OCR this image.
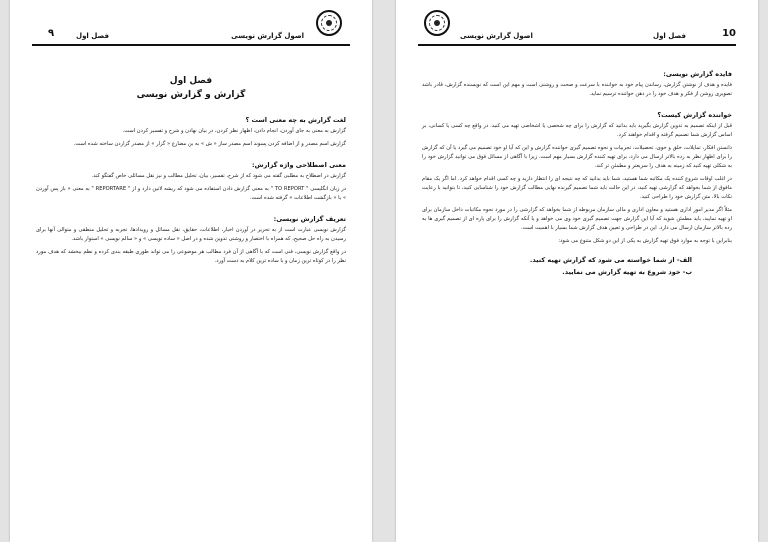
۹	فصل اول	اصول گزارش نویسی

فصل اول

گزارش و گزارش نویسی

لغت گزارش به چه معنی است ؟

گزارش به معنی به جای آوردن، انجام دادن، اظهار نظر کردن، در بیان نهادن و شرح و تفسیر کردن است.

گزارش اسم مصدر و از اضافه کردن پسوند اسم مصدر ساز « ش » به بن مضارع « گزار » از مصدر گزاردن ساخته شده است.

معنی اصطلاحی واژه گزارش:

گزارش در اصطلاح به مطلبی گفته می شود که از شرح، تفسیر، بیان، تحلیل مطالب و نیز نقل مسائلی خاص گفتگو کند.

در زبان انگلیسی " TO REPORT " به معنی گزارش دادن استفاده می شود که ریشه لاتین دارد و از " REPORTARE " به معنی « باز پس آوردن » یا « بازگشت اطلاعات » گرفته شده است.

تعریف گزارش نویسی:

گزارش نویسی عبارت است از به تحریر در آوردن اخبار، اطلاعات، حقایق، نقل مسائل و رویدادها، تجربه و تحلیل منطقی و متوالی آنها برای رسیدن به راه حل صحیح، که همراه با اختصار و روشنی تدوین شده و در اصل « ساده نویسی » و « سالم نویسی » استوار باشد.

در واقع گزارش نویسی، فنی است که با آگاهی از آن فرد مطالب هر موضوعی را می تواند طوری طبقه بندی کرده و نظم ببخشد که هدف مورد نظر را در کوتاه ترین زمان و با ساده ترین کلام به دست آورد.

10
فصل اول
اصول گزارش نویسی

فایده گزارش نویسی:

فایده و هدف از نوشتن گزارش، رساندن پیام خود به خواننده با سرعت و صحت و روشنی است و مهم این است که نویسنده گزارش، قادر باشد تصویری روشن از فکر و هدف خود را در ذهن خواننده ترسیم نماید.

خواننده گزارش کیست؟

قبل از اینکه تصمیم به تدوین گزارش بگیرید باید بدانید که گزارش را برای چه شخصی یا اشخاصی تهیه می کنید. در واقع چه کسی یا کسانی، بر اساس گزارش شما تصمیم گرفته و اقدام خواهند کرد.

دانستن افکار، تمایلات، خلق و خوی، تحصیلات، تجربیات و نحوه تصمیم گیری خواننده گزارش و این که آیا او خود تصمیم می گیرد یا آن که گزارش را برای اظهار نظر به رده بالاتر ارسال می دارد، برای تهیه کننده گزارش بسیار مهم است. زیرا با آگاهی از مسائل فوق می توانید گزارش خود را به شکلی تهیه کنید که زمینه به هدف را سریعتر و مطمئن تر کند.

در اغلب اوقات شروع کننده یک مکاتبه شما هستید، شما باید بدانید که چه نتیجه ای را انتظار دارید و چه کسی اقدام خواهد کرد. اما اگر یک مقام مافوق از شما بخواهد که گزارشی تهیه کنید، در این حالت باید شما تصمیم گیرنده نهایی مطالب گزارش خود را شناسایی کنید، تا بتوانید با رعایت نکات بالا، متن گزارش خود را طراحی کنید.

مثلاً اگر مدیر امور اداری هستید و معاون اداری و مالی سازمان مربوطه از شما بخواهد که گزارشی را در مورد نحوه مکاتبات داخل سازمان برای او تهیه نمایید، باید مطمئن شوید که آیا این گزارش جهت تصمیم گیری خود وی می خواهد و یا آنکه گزارش را برای پاره ای از تصمیم گیری ها به رده بالاتر سازمان ارسال می دارد. این در طراحی و تعیین هدف گزارش شما بسیار با اهمیت است.

بنابراین با توجه به موارد فوق تهیه گزارش به یکی از این دو شکل متنوع می شود:

الف- از شما خواسته می شود که گزارش تهیه کنید.

ب- خود شروع به تهیه گزارش می نمایید.
